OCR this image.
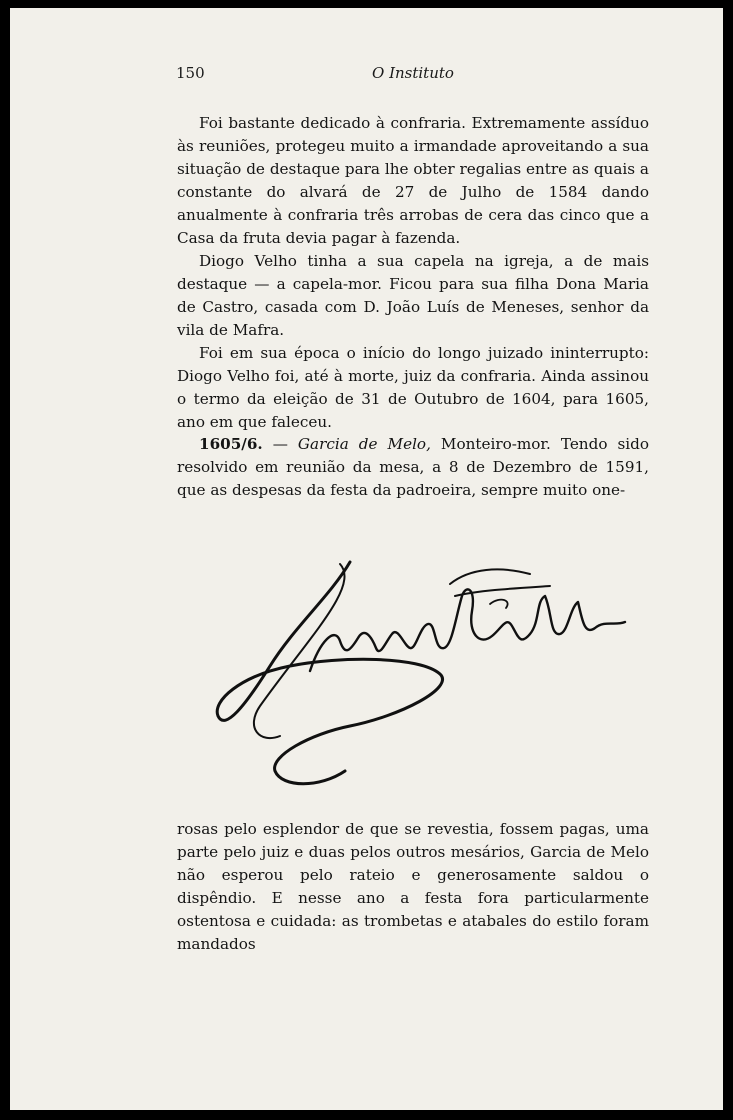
150	O Instituto

Foi bastante dedicado à confraria. Extremamente assíduo às reuniões, protegeu muito a irmandade aproveitando a sua situação de destaque para lhe obter regalias entre as quais a constante do alvará de 27 de Julho de 1584 dando anualmente à confraria três arrobas de cera das cinco que a Casa da fruta devia pagar à fazenda.

Diogo Velho tinha a sua capela na igreja, a de mais destaque — a capela-mor. Ficou para sua filha Dona Maria de Castro, casada com D. João Luís de Meneses, senhor da vila de Mafra.

Foi em sua época o início do longo juizado ininterrupto: Diogo Velho foi, até à morte, juiz da confraria. Ainda assinou o termo da eleição de 31 de Outubro de 1604, para 1605, ano em que faleceu.

1605/6. — Garcia de Melo, Monteiro-mor. Tendo sido resolvido em reunião da mesa, a 8 de Dezembro de 1591, que as despesas da festa da padroeira, sempre muito one-

rosas pelo esplendor de que se revestia, fossem pagas, uma parte pelo juiz e duas pelos outros mesários, Garcia de Melo não esperou pelo rateio e generosamente saldou o dispêndio. E nesse ano a festa fora particularmente ostentosa e cuidada: as trombetas e atabales do estilo foram mandados
